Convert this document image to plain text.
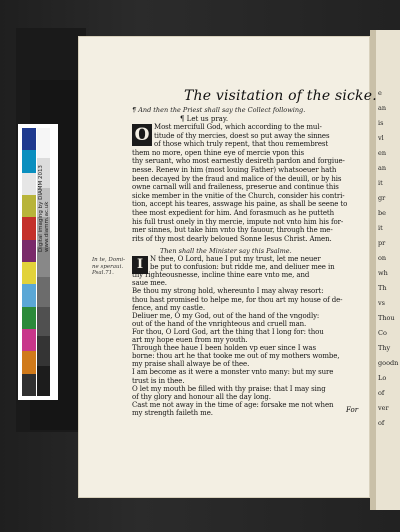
Digital imaging by DIAMM 2013 www.diamm.ac.uk
e
an
is
vl
en
an
it
gr
be
it
pr
on
wh
Th
vs
Thou
Co
Thy
goodn
Lo
of
ver
of
The visitation of the sicke.
¶ And then the Priest shall say the Collect following.
¶ Let us pray.
O
Then shall the Minister say this Psalme.
In te, Domi-
ne speraui.
Psal.71.
I
For
Most mercifull God, which according to the mul-
titude of thy mercies, doest so put away the sinnes
of those which truly repent, that thou remembrest
them no more, open thine eye of mercie vpon this
thy seruant, who most earnestly desireth pardon and forgiue-
nesse. Renew in him (most louing Father) whatsoeuer hath
been decayed by the fraud and malice of the deuill, or by his
owne carnall will and fraileness, preserue and continue this
sicke member in the vnitie of the Church, consider his contri-
tion, accept his teares, asswage his paine, as shall be seene to
thee most expedient for him. And forasmuch as he putteth
his full trust onely in thy mercie, impute not vnto him his for-
mer sinnes, but take him vnto thy fauour, through the me-
rits of thy most dearly beloued Sonne Iesus Christ. Amen.
N thee, O Lord, haue I put my trust, let me neuer
be put to confusion: but ridde me, and deliuer mee in
thy righteousnesse, incline thine eare vnto me, and
saue mee.
Be thou my strong hold, whereunto I may alway resort:
thou hast promised to helpe me, for thou art my house of de-
fence, and my castle.
Deliuer me, O my God, out of the hand of the vngodly:
out of the hand of the vnrighteous and cruell man.
For thou, O Lord God, art the thing that I long for: thou
art my hope euen from my youth.
Through thee haue I been holden vp euer since I was
borne: thou art he that tooke me out of my mothers wombe,
my praise shall alwaye be of thee.
I am become as it were a monster vnto many: but my sure
trust is in thee.
O let my mouth be filled with thy praise: that I may sing
of thy glory and honour all the day long.
Cast me not away in the time of age: forsake me not when
my strength faileth me.
